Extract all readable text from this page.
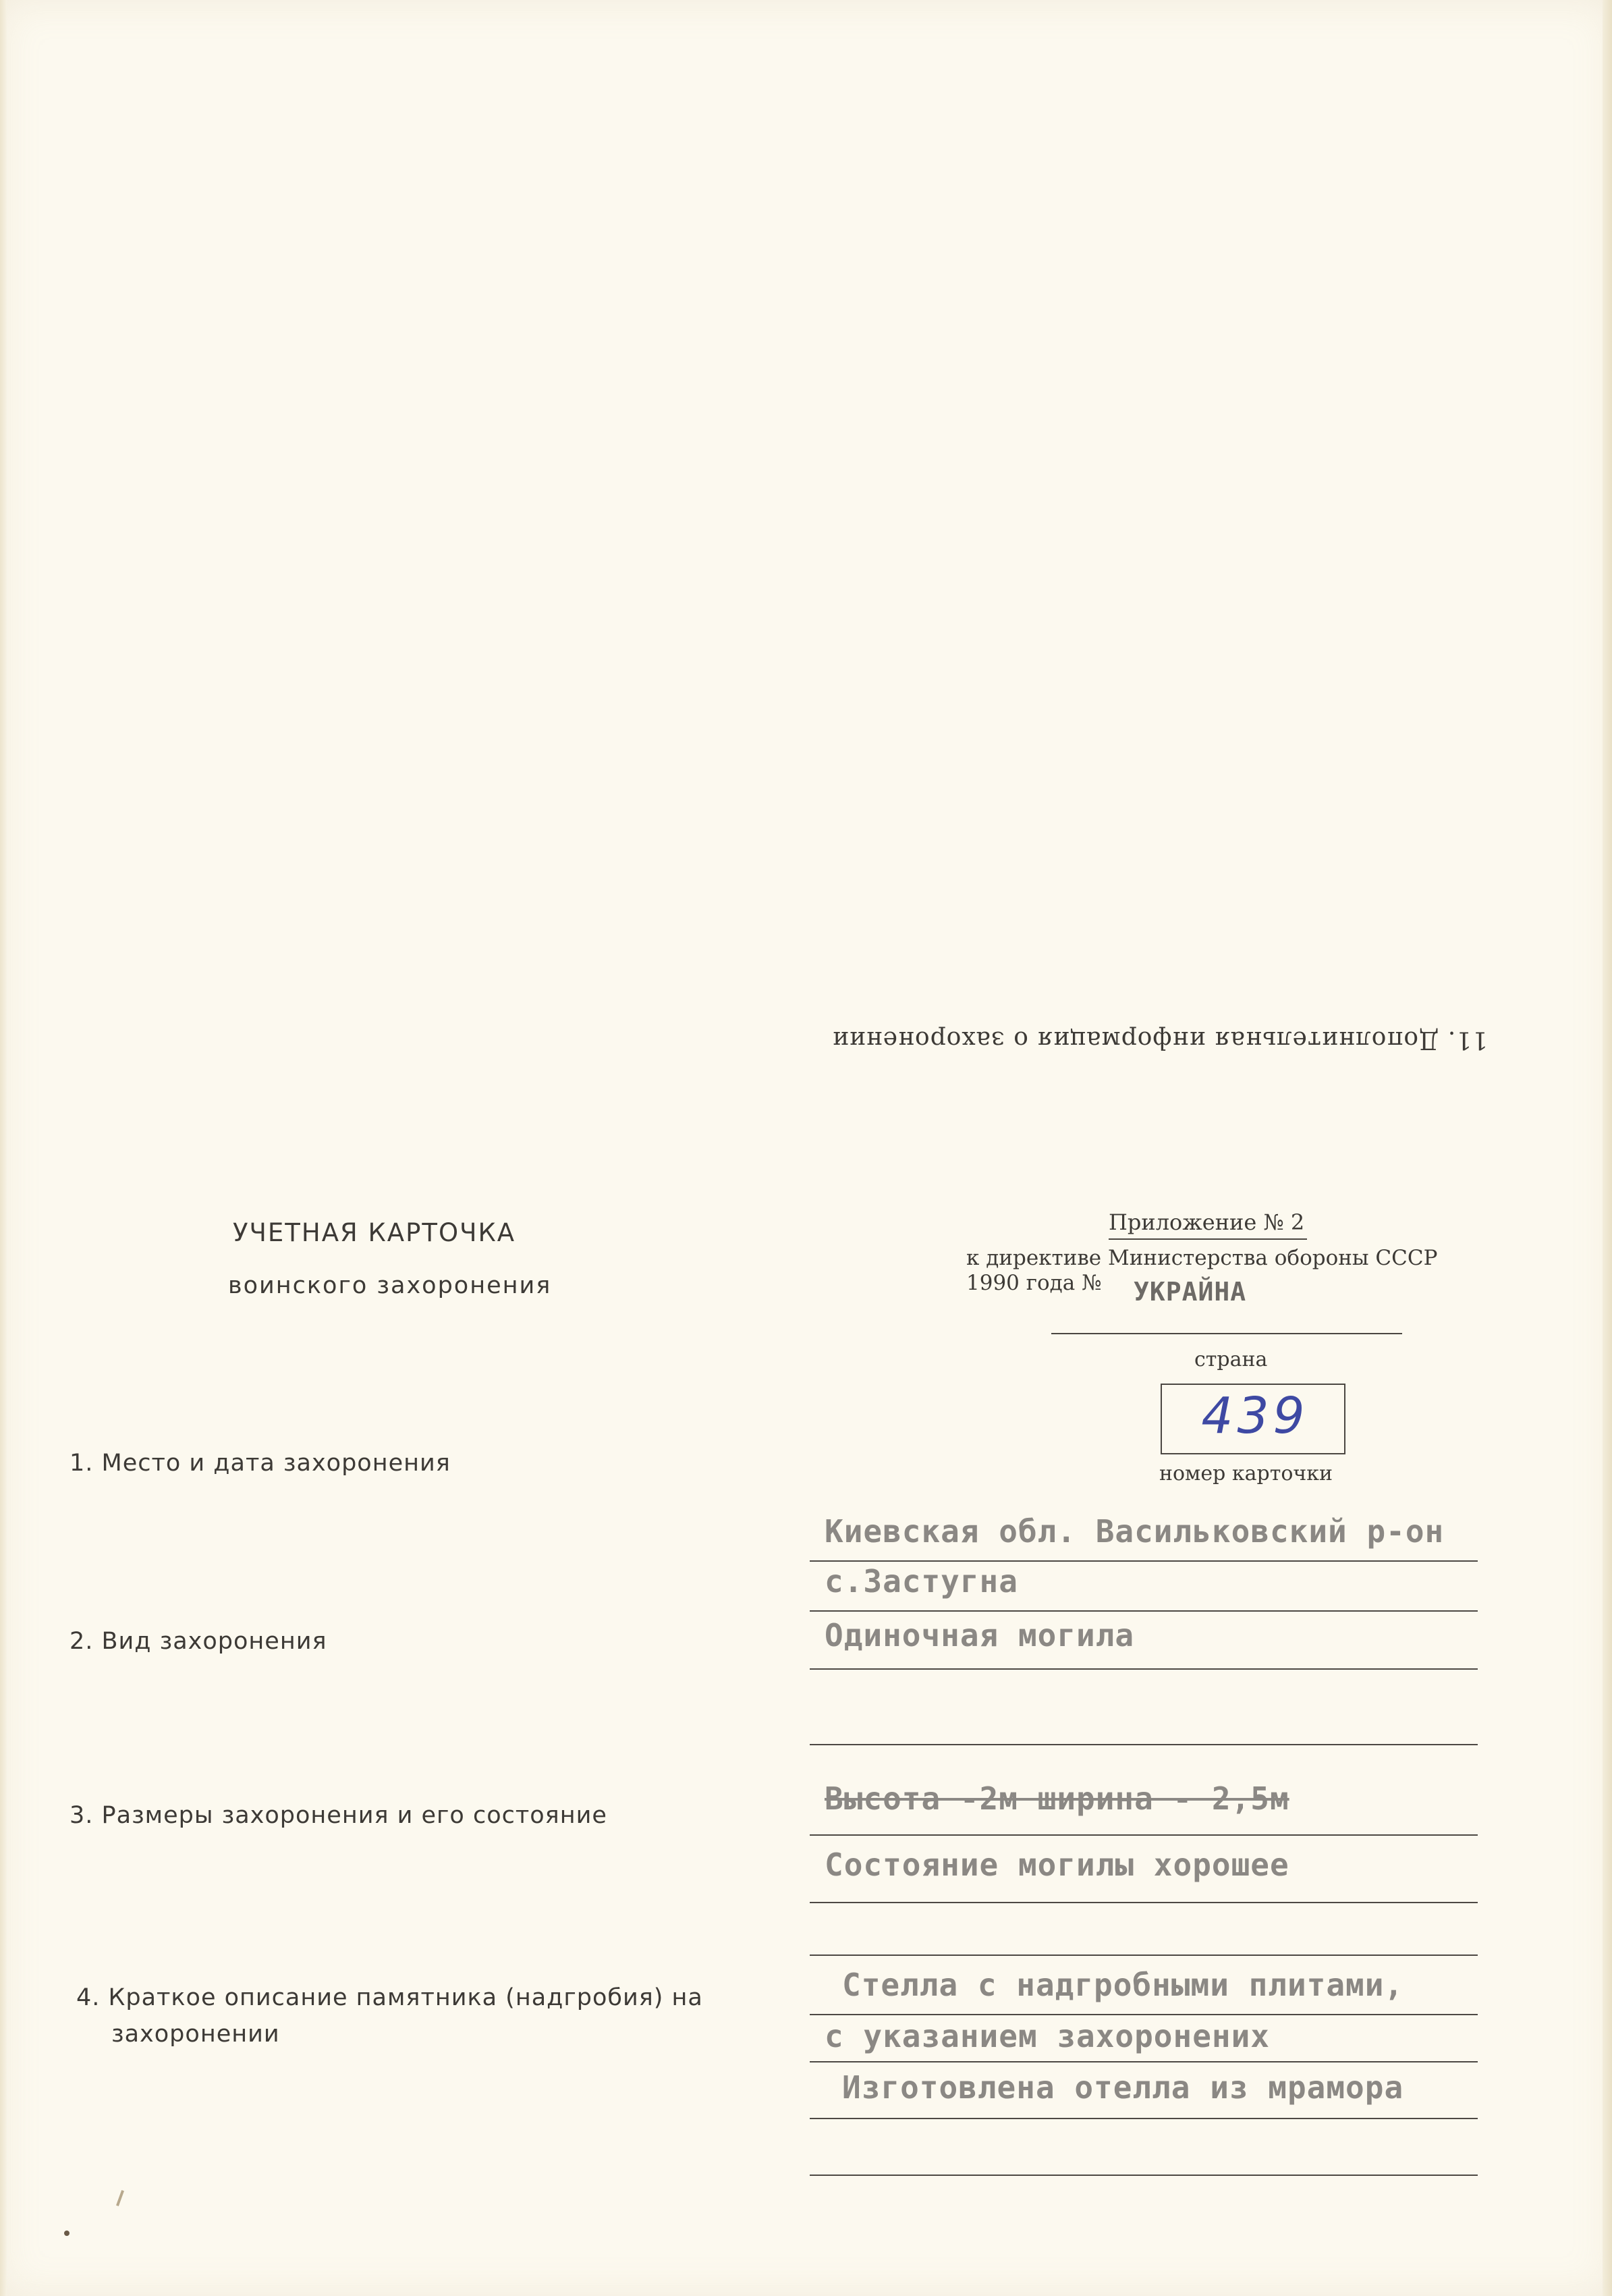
11. Дополнительная информация о захоронении
УЧЕТНАЯ КАРТОЧКА
воинского захоронения
Приложение № 2
к директиве Министерства обороны СССР
1990 года № УКРАЙНА
страна
439
номер карточки
1. Место и дата захоронения
2. Вид захоронения
3. Размеры захоронения и его состояние
4. Краткое описание памятника (надгробия) на
захоронении
Киевская обл. Васильковский р-он
с.Застугна
Одиночная могила
Высота -2м ширина - 2,5м
Состояние могилы хорошее
Стелла с надгробными плитами,
с указанием захоронених
Изготовлена отелла из мрамора
